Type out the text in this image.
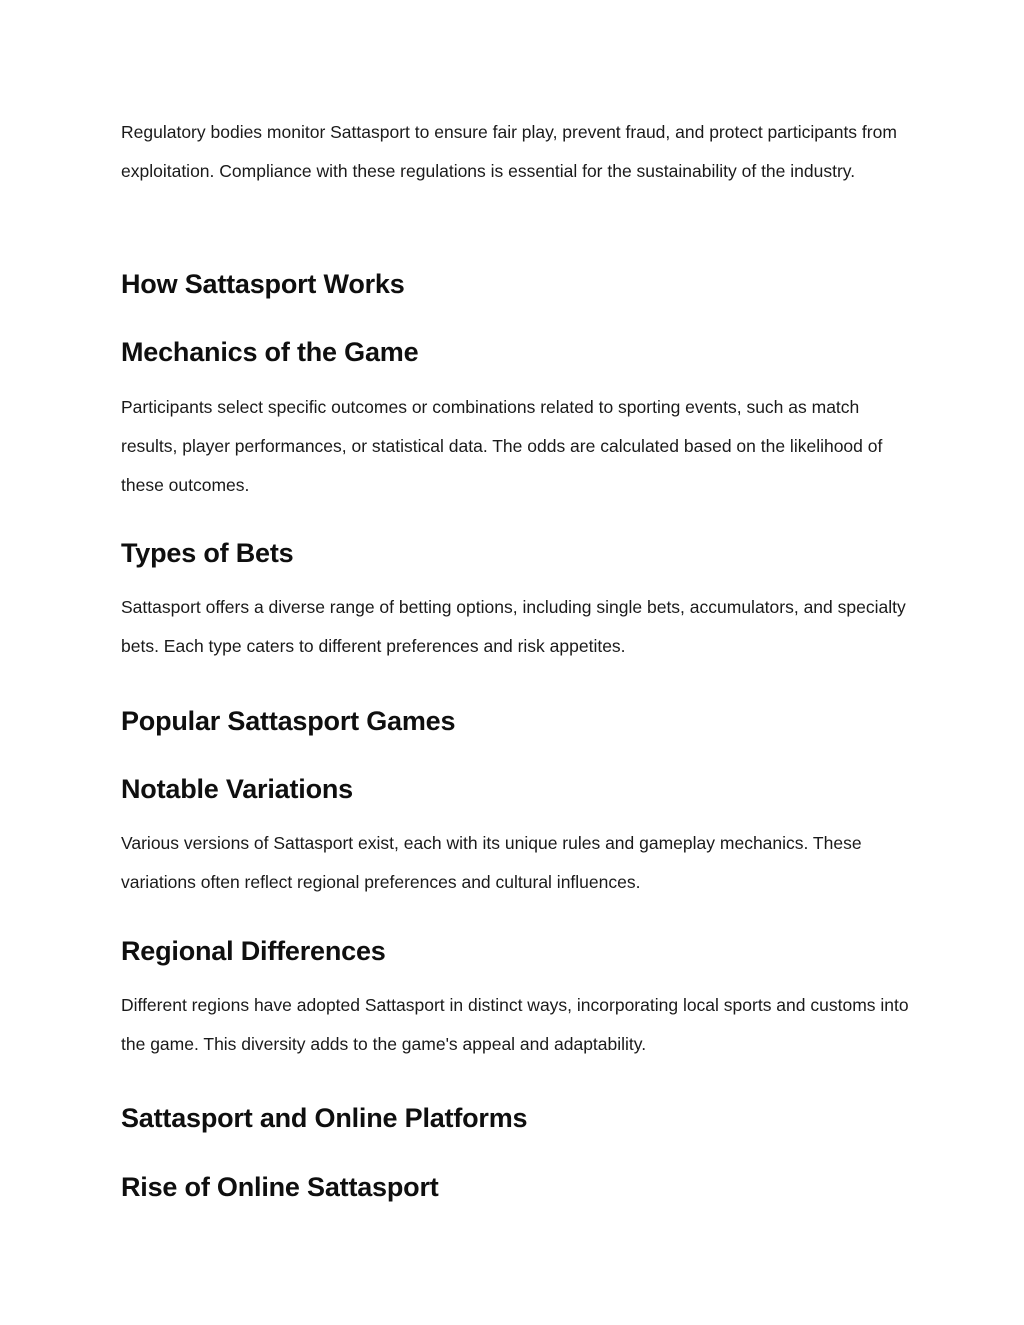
Regulatory bodies monitor Sattasport to ensure fair play, prevent fraud, and protect participants from exploitation. Compliance with these regulations is essential for the sustainability of the industry.

How Sattasport Works
Mechanics of the Game

Participants select specific outcomes or combinations related to sporting events, such as match results, player performances, or statistical data. The odds are calculated based on the likelihood of these outcomes.

Types of Bets

Sattasport offers a diverse range of betting options, including single bets, accumulators, and specialty bets. Each type caters to different preferences and risk appetites.

Popular Sattasport Games
Notable Variations

Various versions of Sattasport exist, each with its unique rules and gameplay mechanics. These variations often reflect regional preferences and cultural influences.

Regional Differences

Different regions have adopted Sattasport in distinct ways, incorporating local sports and customs into the game. This diversity adds to the game's appeal and adaptability.

Sattasport and Online Platforms
Rise of Online Sattasport
